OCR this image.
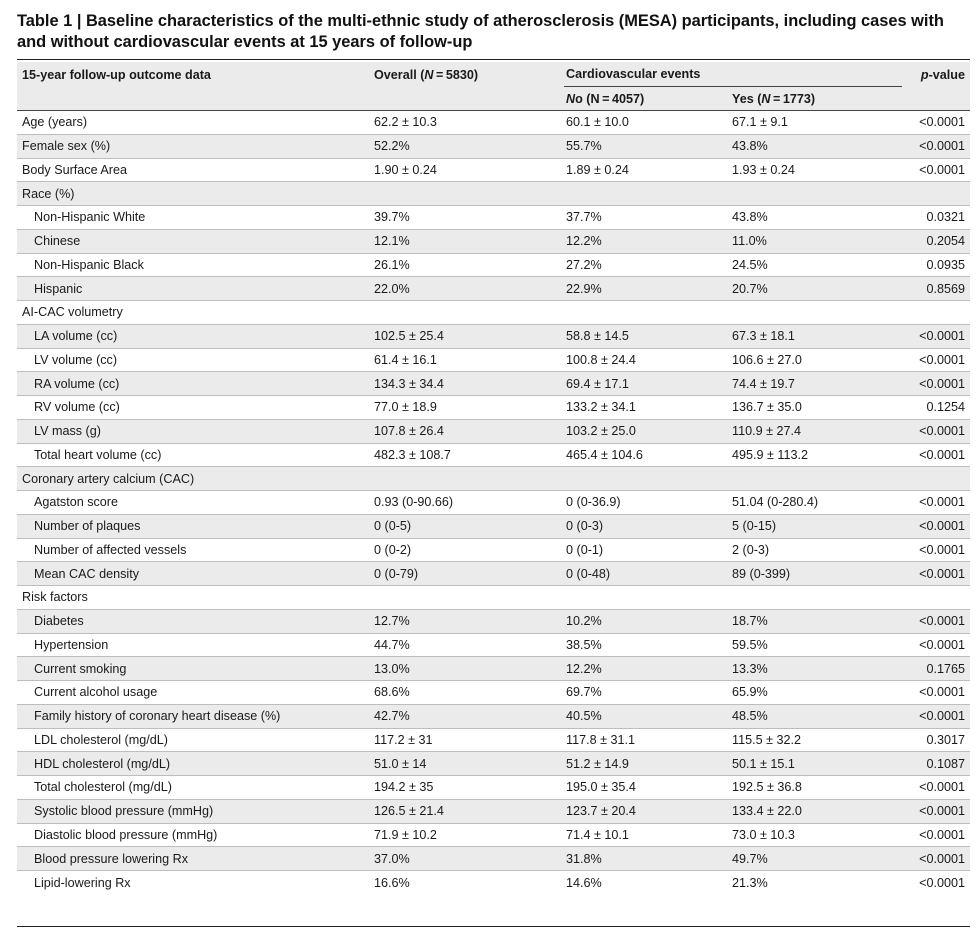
Table 1 | Baseline characteristics of the multi-ethnic study of atherosclerosis (MESA) participants, including cases with and without cardiovascular events at 15 years of follow-up
15-year follow-up outcome data	Overall (N = 5830)	Cardiovascular events		p-value
		No (N = 4057)	Yes (N = 1773)	
Age (years)	62.2 ± 10.3	60.1 ± 10.0	67.1 ± 9.1	<0.0001
Female sex (%)	52.2%	55.7%	43.8%	<0.0001
Body Surface Area	1.90 ± 0.24	1.89 ± 0.24	1.93 ± 0.24	<0.0001
Race (%)				
Non-Hispanic White	39.7%	37.7%	43.8%	0.0321
Chinese	12.1%	12.2%	11.0%	0.2054
Non-Hispanic Black	26.1%	27.2%	24.5%	0.0935
Hispanic	22.0%	22.9%	20.7%	0.8569
AI-CAC volumetry				
LA volume (cc)	102.5 ± 25.4	58.8 ± 14.5	67.3 ± 18.1	<0.0001
LV volume (cc)	61.4 ± 16.1	100.8 ± 24.4	106.6 ± 27.0	<0.0001
RA volume (cc)	134.3 ± 34.4	69.4 ± 17.1	74.4 ± 19.7	<0.0001
RV volume (cc)	77.0 ± 18.9	133.2 ± 34.1	136.7 ± 35.0	0.1254
LV mass (g)	107.8 ± 26.4	103.2 ± 25.0	110.9 ± 27.4	<0.0001
Total heart volume (cc)	482.3 ± 108.7	465.4 ± 104.6	495.9 ± 113.2	<0.0001
Coronary artery calcium (CAC)				
Agatston score	0.93 (0-90.66)	0 (0-36.9)	51.04 (0-280.4)	<0.0001
Number of plaques	0 (0-5)	0 (0-3)	5 (0-15)	<0.0001
Number of affected vessels	0 (0-2)	0 (0-1)	2 (0-3)	<0.0001
Mean CAC density	0 (0-79)	0 (0-48)	89 (0-399)	<0.0001
Risk factors				
Diabetes	12.7%	10.2%	18.7%	<0.0001
Hypertension	44.7%	38.5%	59.5%	<0.0001
Current smoking	13.0%	12.2%	13.3%	0.1765
Current alcohol usage	68.6%	69.7%	65.9%	<0.0001
Family history of coronary heart disease (%)	42.7%	40.5%	48.5%	<0.0001
LDL cholesterol (mg/dL)	117.2 ± 31	117.8 ± 31.1	115.5 ± 32.2	0.3017
HDL cholesterol (mg/dL)	51.0 ± 14	51.2 ± 14.9	50.1 ± 15.1	0.1087
Total cholesterol (mg/dL)	194.2 ± 35	195.0 ± 35.4	192.5 ± 36.8	<0.0001
Systolic blood pressure (mmHg)	126.5 ± 21.4	123.7 ± 20.4	133.4 ± 22.0	<0.0001
Diastolic blood pressure (mmHg)	71.9 ± 10.2	71.4 ± 10.1	73.0 ± 10.3	<0.0001
Blood pressure lowering Rx	37.0%	31.8%	49.7%	<0.0001
Lipid-lowering Rx	16.6%	14.6%	21.3%	<0.0001
